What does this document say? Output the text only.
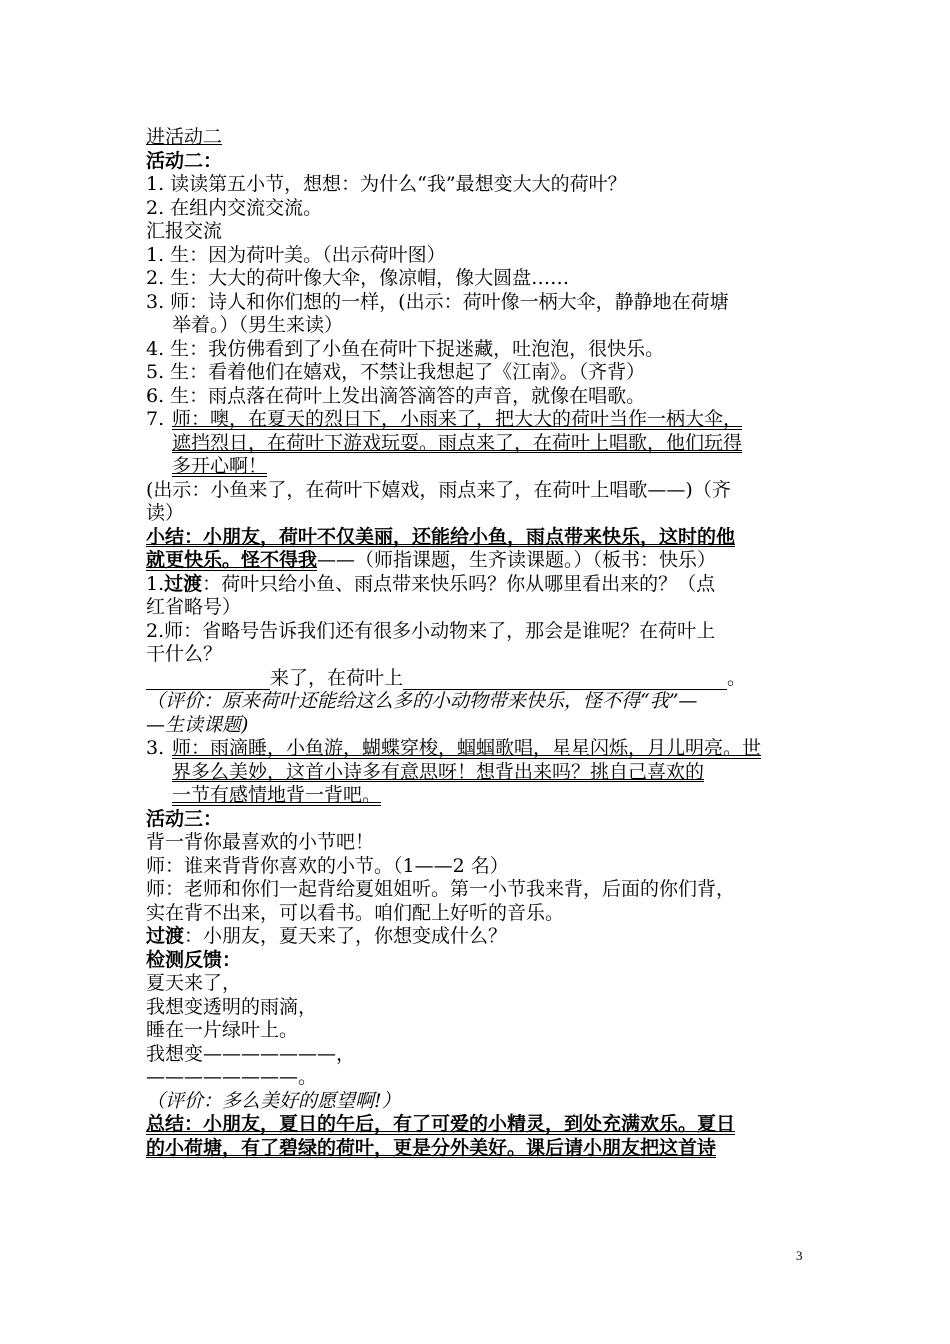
进活动二
活动二：
1. 读读第五小节，想想：为什么“我”最想变大大的荷叶？
2. 在组内交流交流。
汇报交流
1. 生：因为荷叶美。（出示荷叶图）
2. 生：大大的荷叶像大伞，像凉帽，像大圆盘……
3. 师：诗人和你们想的一样，(出示：荷叶像一柄大伞，静静地在荷塘
举着。）（男生来读）
4. 生：我仿佛看到了小鱼在荷叶下捉迷藏，吐泡泡，很快乐。
5. 生：看着他们在嬉戏，不禁让我想起了《江南》。（齐背）
6. 生：雨点落在荷叶上发出滴答滴答的声音，就像在唱歌。
7. 师：噢，在夏天的烈日下，小雨来了，把大大的荷叶当作一柄大伞，
遮挡烈日，在荷叶下游戏玩耍。雨点来了，在荷叶上唱歌，他们玩得
多开心啊！
(出示：小鱼来了，在荷叶下嬉戏，雨点来了，在荷叶上唱歌——)（齐
读）
小结：小朋友，荷叶不仅美丽，还能给小鱼，雨点带来快乐，这时的他
就更快乐。怪不得我——（师指课题，生齐读课题。）（板书：快乐）
1.过渡：荷叶只给小鱼、雨点带来快乐吗？你从哪里看出来的？（点
红省略号）
2.师：省略号告诉我们还有很多小动物来了，那会是谁呢？在荷叶上
干什么？
来了，在荷叶上	。
（评价：原来荷叶还能给这么多的小动物带来快乐，怪不得“我”—
—生读课题)
3. 师：雨滴睡，小鱼游，蝴蝶穿梭，蝈蝈歌唱，星星闪烁，月儿明亮。世
界多么美妙，这首小诗多有意思呀！想背出来吗？挑自己喜欢的
一节有感情地背一背吧。
活动三：
背一背你最喜欢的小节吧！
师：谁来背背你喜欢的小节。（1——2 名）
师：老师和你们一起背给夏姐姐听。第一小节我来背，后面的你们背，
实在背不出来，可以看书。咱们配上好听的音乐。
过渡：小朋友，夏天来了，你想变成什么？
检测反馈：
夏天来了，
我想变透明的雨滴，
睡在一片绿叶上。
我想变———————，
————————。
（评价：多么美好的愿望啊!）
总结：小朋友，夏日的午后，有了可爱的小精灵，到处充满欢乐。夏日
的小荷塘，有了碧绿的荷叶，更是分外美好。课后请小朋友把这首诗
3
